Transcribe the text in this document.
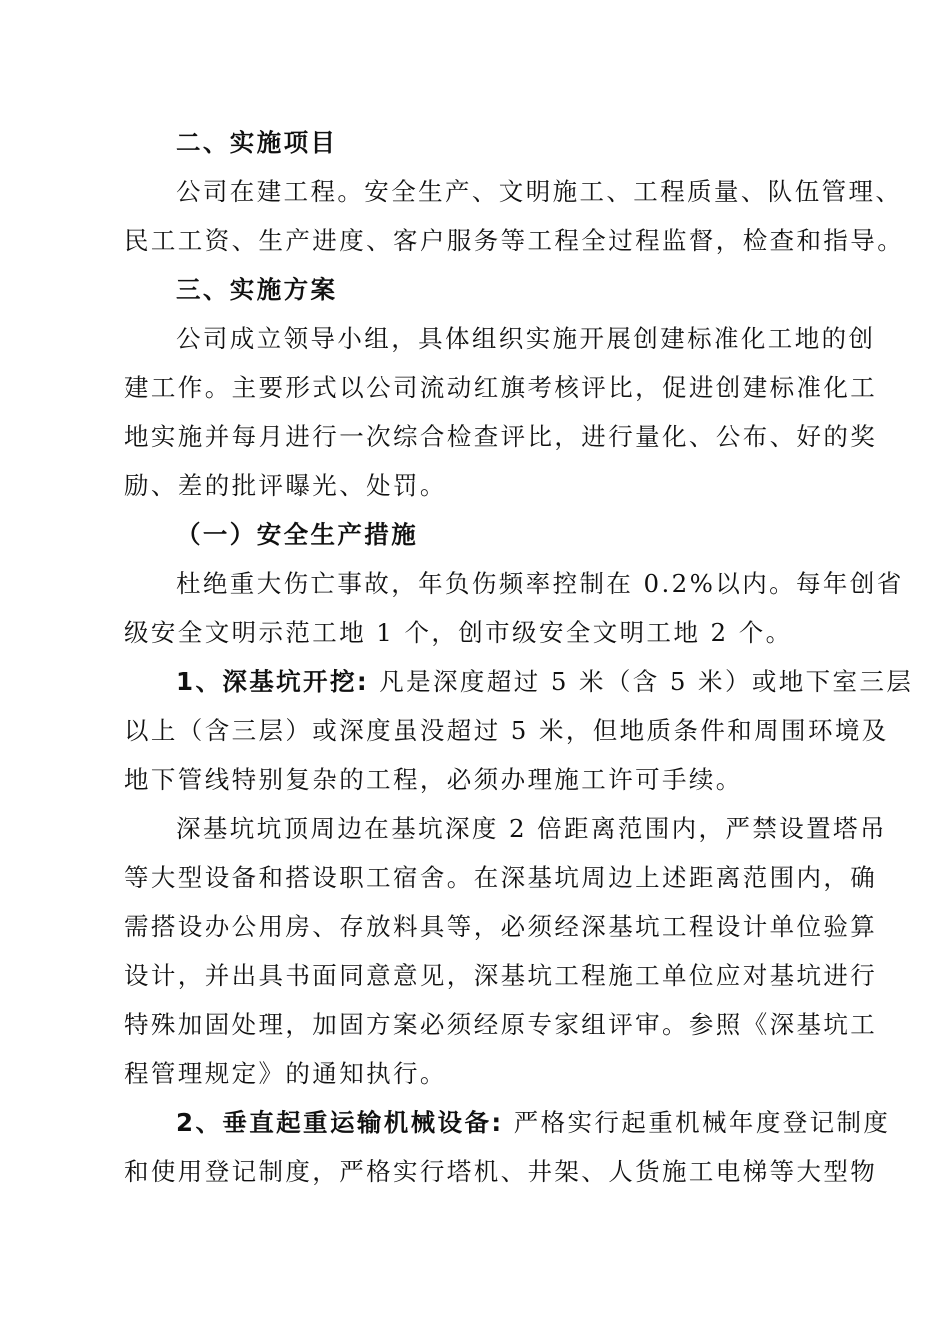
二、实施项目
公司在建工程。安全生产、文明施工、工程质量、队伍管理、
民工工资、生产进度、客户服务等工程全过程监督，检查和指导。
三、实施方案
公司成立领导小组，具体组织实施开展创建标准化工地的创
建工作。主要形式以公司流动红旗考核评比，促进创建标准化工
地实施并每月进行一次综合检查评比，进行量化、公布、好的奖
励、差的批评曝光、处罚。
（一）安全生产措施
杜绝重大伤亡事故，年负伤频率控制在 0.2%以内。每年创省
级安全文明示范工地 1 个，创市级安全文明工地 2 个。
1、深基坑开挖: 凡是深度超过 5 米（含 5 米）或地下室三层
以上（含三层）或深度虽没超过 5 米，但地质条件和周围环境及
地下管线特别复杂的工程，必须办理施工许可手续。
深基坑坑顶周边在基坑深度 2 倍距离范围内，严禁设置塔吊
等大型设备和搭设职工宿舍。在深基坑周边上述距离范围内，确
需搭设办公用房、存放料具等，必须经深基坑工程设计单位验算
设计，并出具书面同意意见，深基坑工程施工单位应对基坑进行
特殊加固处理，加固方案必须经原专家组评审。参照《深基坑工
程管理规定》的通知执行。
2、垂直起重运输机械设备: 严格实行起重机械年度登记制度
和使用登记制度，严格实行塔机、井架、人货施工电梯等大型物
